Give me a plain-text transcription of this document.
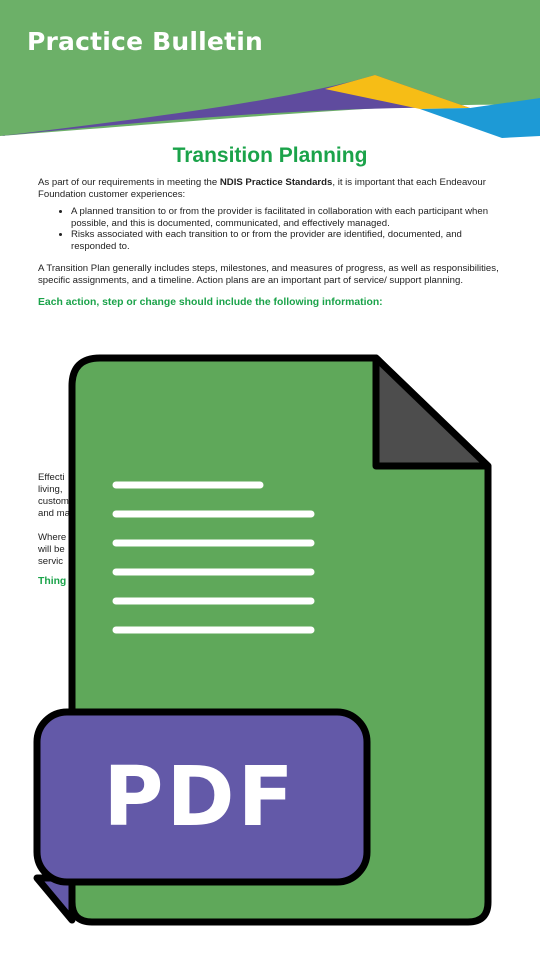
Practice Bulletin
Transition Planning

As part of our requirements in meeting the NDIS Practice Standards, it is important that each Endeavour Foundation customer experiences:

• A planned transition to or from the provider is facilitated in collaboration with each participant when possible, and this is documented, communicated, and effectively managed.
• Risks associated with each transition to or from the provider are identified, documented, and responded to.

A Transition Plan generally includes steps, milestones, and measures of progress, as well as responsibilities, specific assignments, and a timeline. Action plans are an important part of service/ support planning.

Each action, step or change should include the following information:
Effecti
living,
custom
and ma
Where
will be
servic
Thing
PDF
